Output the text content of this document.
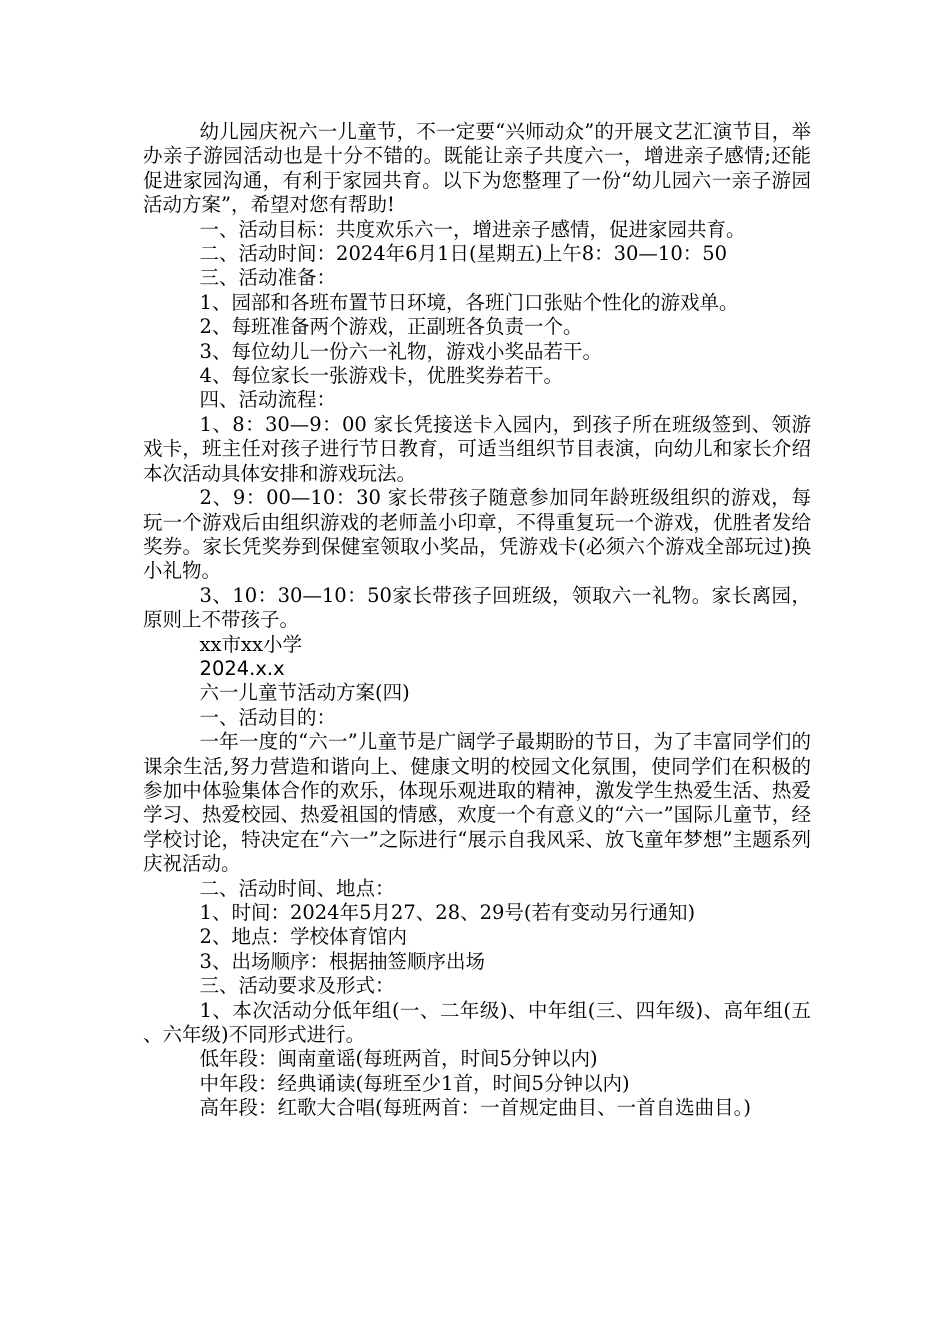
幼儿园庆祝六一儿童节，不一定要“兴师动众”的开展文艺汇演节目，举办亲子游园活动也是十分不错的。既能让亲子共度六一，增进亲子感情;还能促进家园沟通，有利于家园共育。以下为您整理了一份“幼儿园六一亲子游园活动方案”，希望对您有帮助!

一、活动目标：共度欢乐六一，增进亲子感情，促进家园共育。

二、活动时间：2024年6月1日(星期五)上午8：30—10：50

三、活动准备：

1、园部和各班布置节日环境，各班门口张贴个性化的游戏单。

2、每班准备两个游戏，正副班各负责一个。

3、每位幼儿一份六一礼物，游戏小奖品若干。

4、每位家长一张游戏卡，优胜奖券若干。

四、活动流程：

1、8：30—9：00 家长凭接送卡入园内，到孩子所在班级签到、领游戏卡，班主任对孩子进行节日教育，可适当组织节目表演，向幼儿和家长介绍本次活动具体安排和游戏玩法。

2、9：00—10：30 家长带孩子随意参加同年龄班级组织的游戏，每玩一个游戏后由组织游戏的老师盖小印章，不得重复玩一个游戏，优胜者发给奖券。家长凭奖券到保健室领取小奖品，凭游戏卡(必须六个游戏全部玩过)换小礼物。

3、10：30—10：50家长带孩子回班级，领取六一礼物。家长离园，原则上不带孩子。

xx市xx小学

2024.x.x

六一儿童节活动方案(四)

一、活动目的：

一年一度的“六一”儿童节是广阔学子最期盼的节日，为了丰富同学们的课余生活,努力营造和谐向上、健康文明的校园文化氛围，使同学们在积极的参加中体验集体合作的欢乐，体现乐观进取的精神，激发学生热爱生活、热爱学习、热爱校园、热爱祖国的情感，欢度一个有意义的“六一”国际儿童节，经学校讨论，特决定在“六一”之际进行“展示自我风采、放飞童年梦想”主题系列庆祝活动。

二、活动时间、地点：

1、时间：2024年5月27、28、29号(若有变动另行通知)

2、地点：学校体育馆内

3、出场顺序：根据抽签顺序出场

三、活动要求及形式：

1、本次活动分低年组(一、二年级)、中年组(三、四年级)、高年组(五、六年级)不同形式进行。

低年段：闽南童谣(每班两首，时间5分钟以内)

中年段：经典诵读(每班至少1首，时间5分钟以内)

高年段：红歌大合唱(每班两首：一首规定曲目、一首自选曲目。)
